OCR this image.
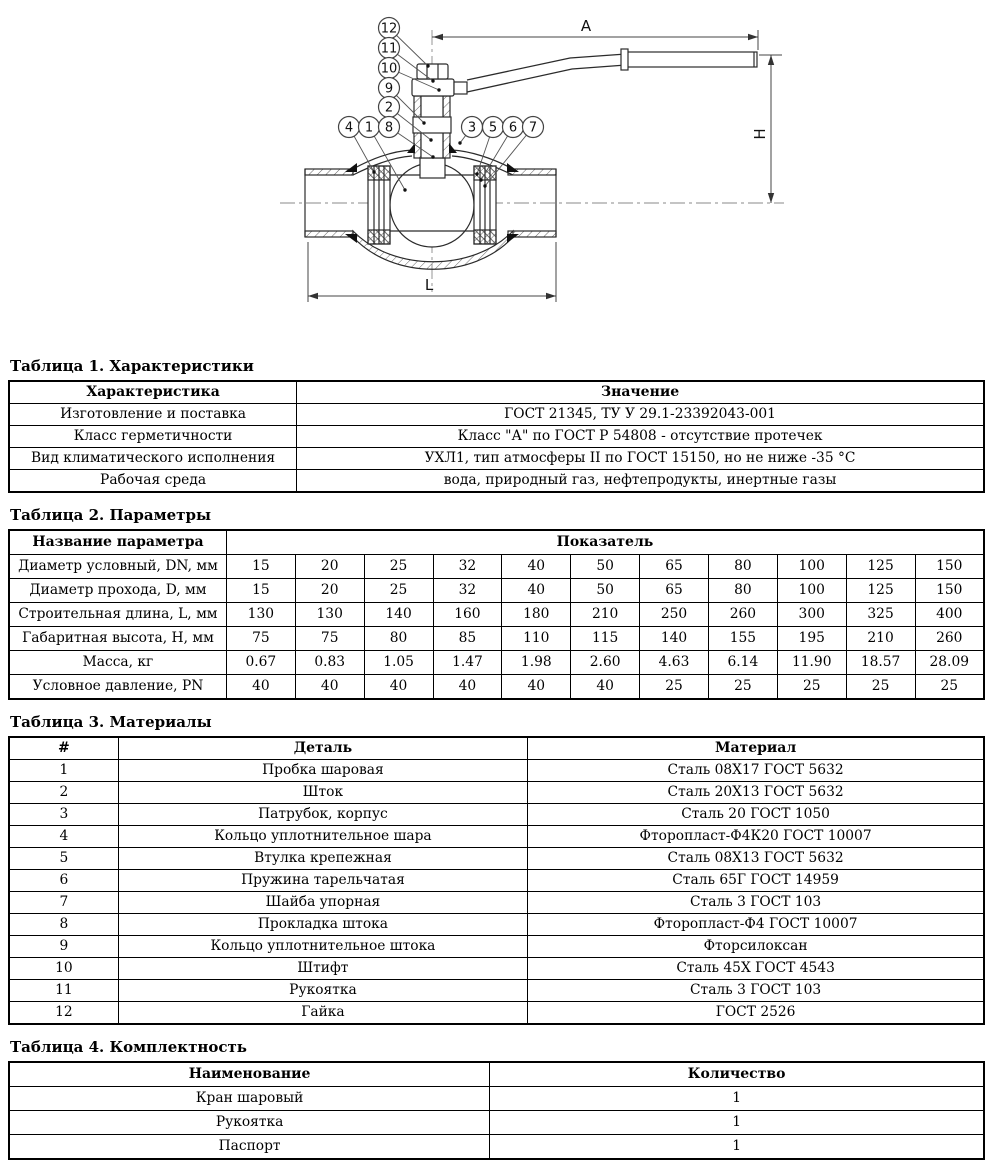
A
H
L
12
11
10
9
2
4 1 8	3 5 6 7
Таблица 1. Характеристики
Характеристика	Значение
Изготовление и поставка	ГОСТ 21345, ТУ У 29.1-23392043-001
Класс герметичности	Класс "А" по ГОСТ Р 54808 - отсутствие протечек
Вид климатического исполнения	УХЛ1, тип атмосферы II по ГОСТ 15150, но не ниже -35 °С
Рабочая среда	вода, природный газ, нефтепродукты, инертные газы
Таблица 2. Параметры
Название параметра	Показатель										
Диаметр условный, DN, мм	15	20	25	32	40	50	65	80	100	125	150
Диаметр прохода, D, мм	15	20	25	32	40	50	65	80	100	125	150
Строительная длина, L, мм	130	130	140	160	180	210	250	260	300	325	400
Габаритная высота, H, мм	75	75	80	85	110	115	140	155	195	210	260
Масса, кг	0.67	0.83	1.05	1.47	1.98	2.60	4.63	6.14	11.90	18.57	28.09
Условное давление, PN	40	40	40	40	40	40	25	25	25	25	25
Таблица 3. Материалы
#	Деталь	Материал
1	Пробка шаровая	Сталь 08Х17 ГОСТ 5632
2	Шток	Сталь 20Х13 ГОСТ 5632
3	Патрубок, корпус	Сталь 20 ГОСТ 1050
4	Кольцо уплотнительное шара	Фторопласт-Ф4К20 ГОСТ 10007
5	Втулка крепежная	Сталь 08Х13 ГОСТ 5632
6	Пружина тарельчатая	Сталь 65Г ГОСТ 14959
7	Шайба упорная	Сталь 3 ГОСТ 103
8	Прокладка штока	Фторопласт-Ф4 ГОСТ 10007
9	Кольцо уплотнительное штока	Фторсилоксан
10	Штифт	Сталь 45Х ГОСТ 4543
11	Рукоятка	Сталь 3 ГОСТ 103
12	Гайка	ГОСТ 2526
Таблица 4. Комплектность
Наименование	Количество
Кран шаровый	1
Рукоятка	1
Паспорт	1
